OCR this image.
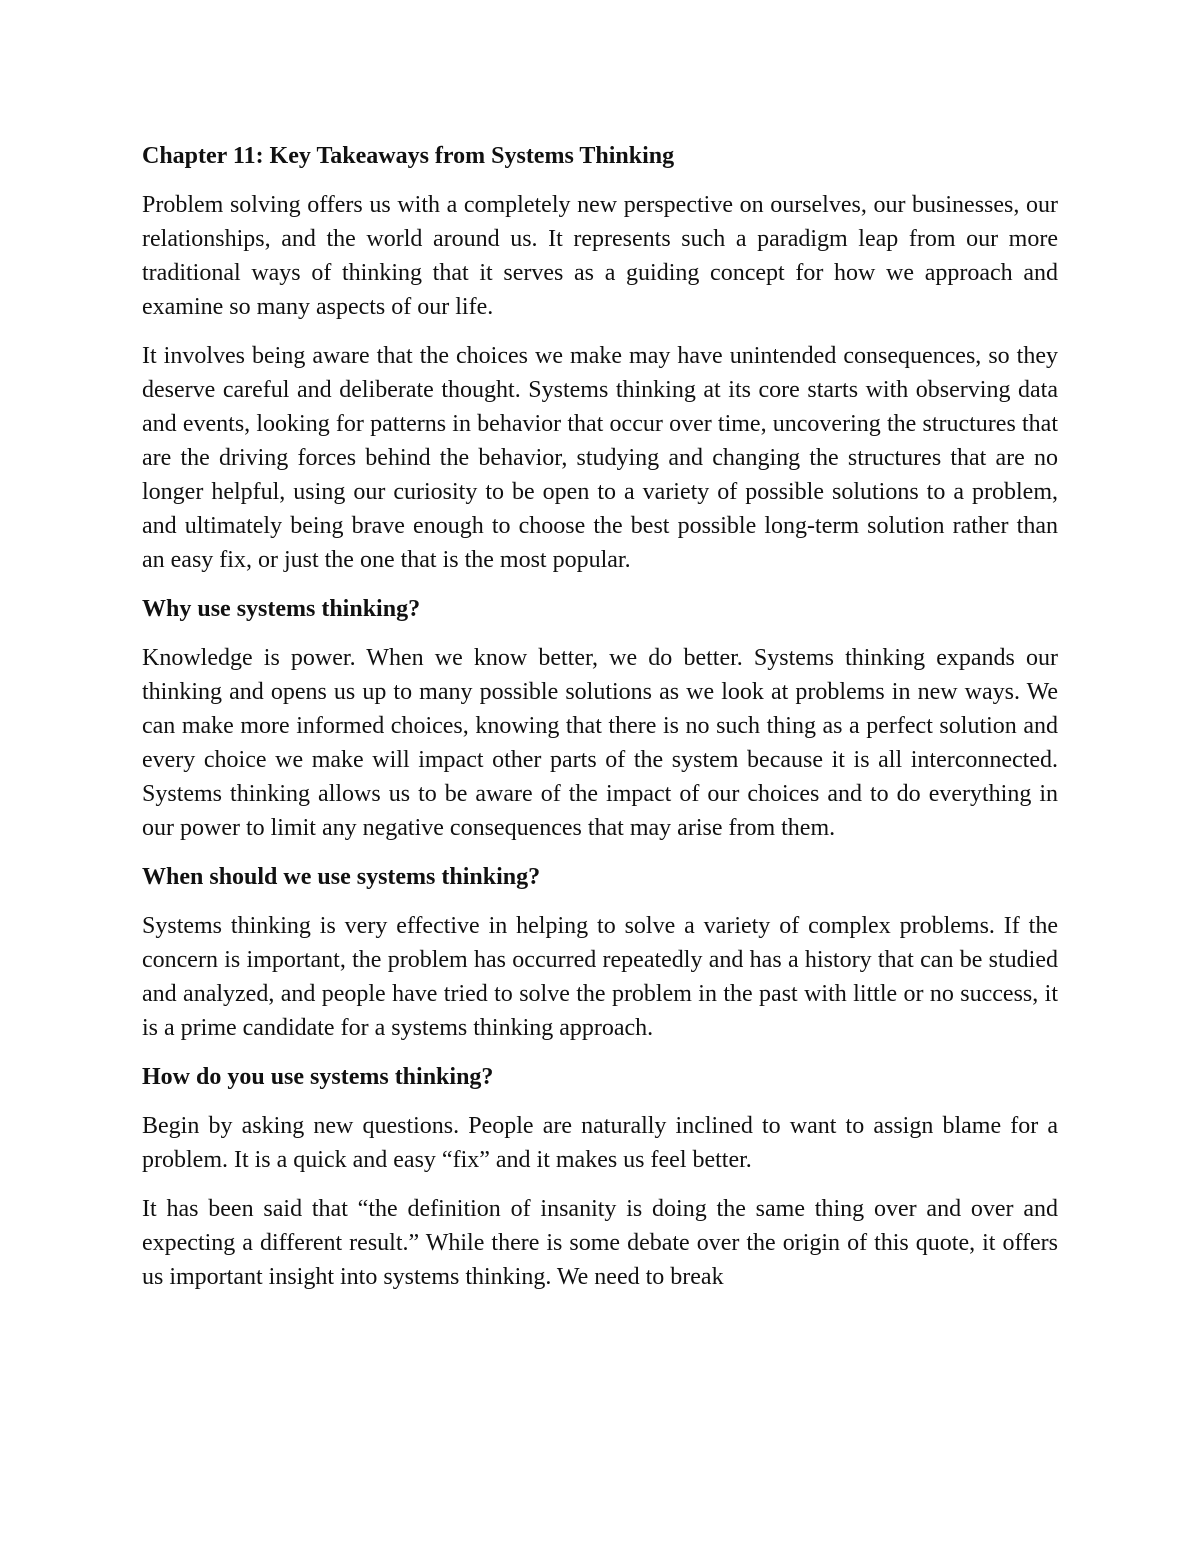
Chapter 11: Key Takeaways from Systems Thinking

Problem solving offers us with a completely new perspective on ourselves, our businesses, our relationships, and the world around us. It represents such a paradigm leap from our more traditional ways of thinking that it serves as a guiding concept for how we approach and examine so many aspects of our life.

It involves being aware that the choices we make may have unintended consequences, so they deserve careful and deliberate thought. Systems thinking at its core starts with observing data and events, looking for patterns in behavior that occur over time, uncovering the structures that are the driving forces behind the behavior, studying and changing the structures that are no longer helpful, using our curiosity to be open to a variety of possible solutions to a problem, and ultimately being brave enough to choose the best possible long-term solution rather than an easy fix, or just the one that is the most popular.

Why use systems thinking?

Knowledge is power. When we know better, we do better. Systems thinking expands our thinking and opens us up to many possible solutions as we look at problems in new ways. We can make more informed choices, knowing that there is no such thing as a perfect solution and every choice we make will impact other parts of the system because it is all interconnected. Systems thinking allows us to be aware of the impact of our choices and to do everything in our power to limit any negative consequences that may arise from them.

When should we use systems thinking?

Systems thinking is very effective in helping to solve a variety of complex problems. If the concern is important, the problem has occurred repeatedly and has a history that can be studied and analyzed, and people have tried to solve the problem in the past with little or no success, it is a prime candidate for a systems thinking approach.

How do you use systems thinking?

Begin by asking new questions. People are naturally inclined to want to assign blame for a problem. It is a quick and easy “fix” and it makes us feel better.

It has been said that “the definition of insanity is doing the same thing over and over and expecting a different result.” While there is some debate over the origin of this quote, it offers us important insight into systems thinking. We need to break
